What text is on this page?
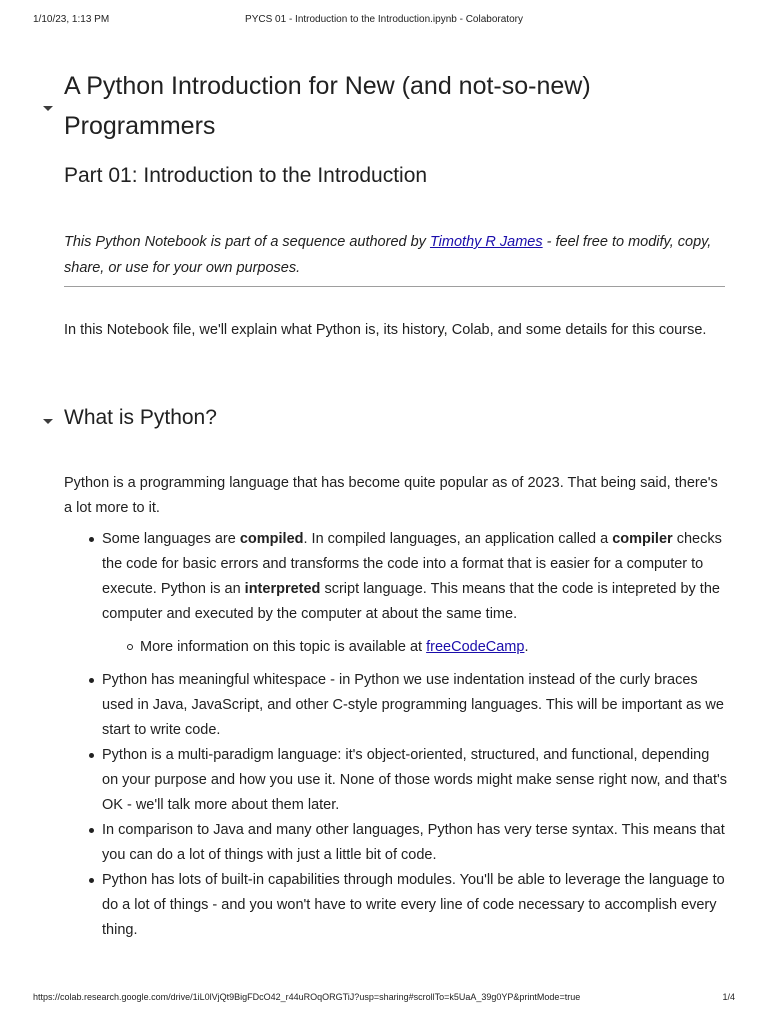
1/10/23, 1:13 PM	PYCS 01 - Introduction to the Introduction.ipynb - Colaboratory
A Python Introduction for New (and not-so-new) Programmers
Part 01: Introduction to the Introduction

This Python Notebook is part of a sequence authored by Timothy R James - feel free to modify, copy, share, or use for your own purposes.

In this Notebook file, we'll explain what Python is, its history, Colab, and some details for this course.

What is Python?

Python is a programming language that has become quite popular as of 2023. That being said, there's a lot more to it.

Some languages are compiled. In compiled languages, an application called a compiler checks the code for basic errors and transforms the code into a format that is easier for a computer to execute. Python is an interpreted script language. This means that the code is intepreted by the computer and executed by the computer at about the same time.
More information on this topic is available at freeCodeCamp.
Python has meaningful whitespace - in Python we use indentation instead of the curly braces used in Java, JavaScript, and other C-style programming languages. This will be important as we start to write code.
Python is a multi-paradigm language: it's object-oriented, structured, and functional, depending on your purpose and how you use it. None of those words might make sense right now, and that's OK - we'll talk more about them later.
In comparison to Java and many other languages, Python has very terse syntax. This means that you can do a lot of things with just a little bit of code.
Python has lots of built-in capabilities through modules. You'll be able to leverage the language to do a lot of things - and you won't have to write every line of code necessary to accomplish every thing.
https://colab.research.google.com/drive/1iL0lVjQt9BigFDcO42_r44uROqORGTiJ?usp=sharing#scrollTo=k5UaA_39g0YP&printMode=true	1/4
